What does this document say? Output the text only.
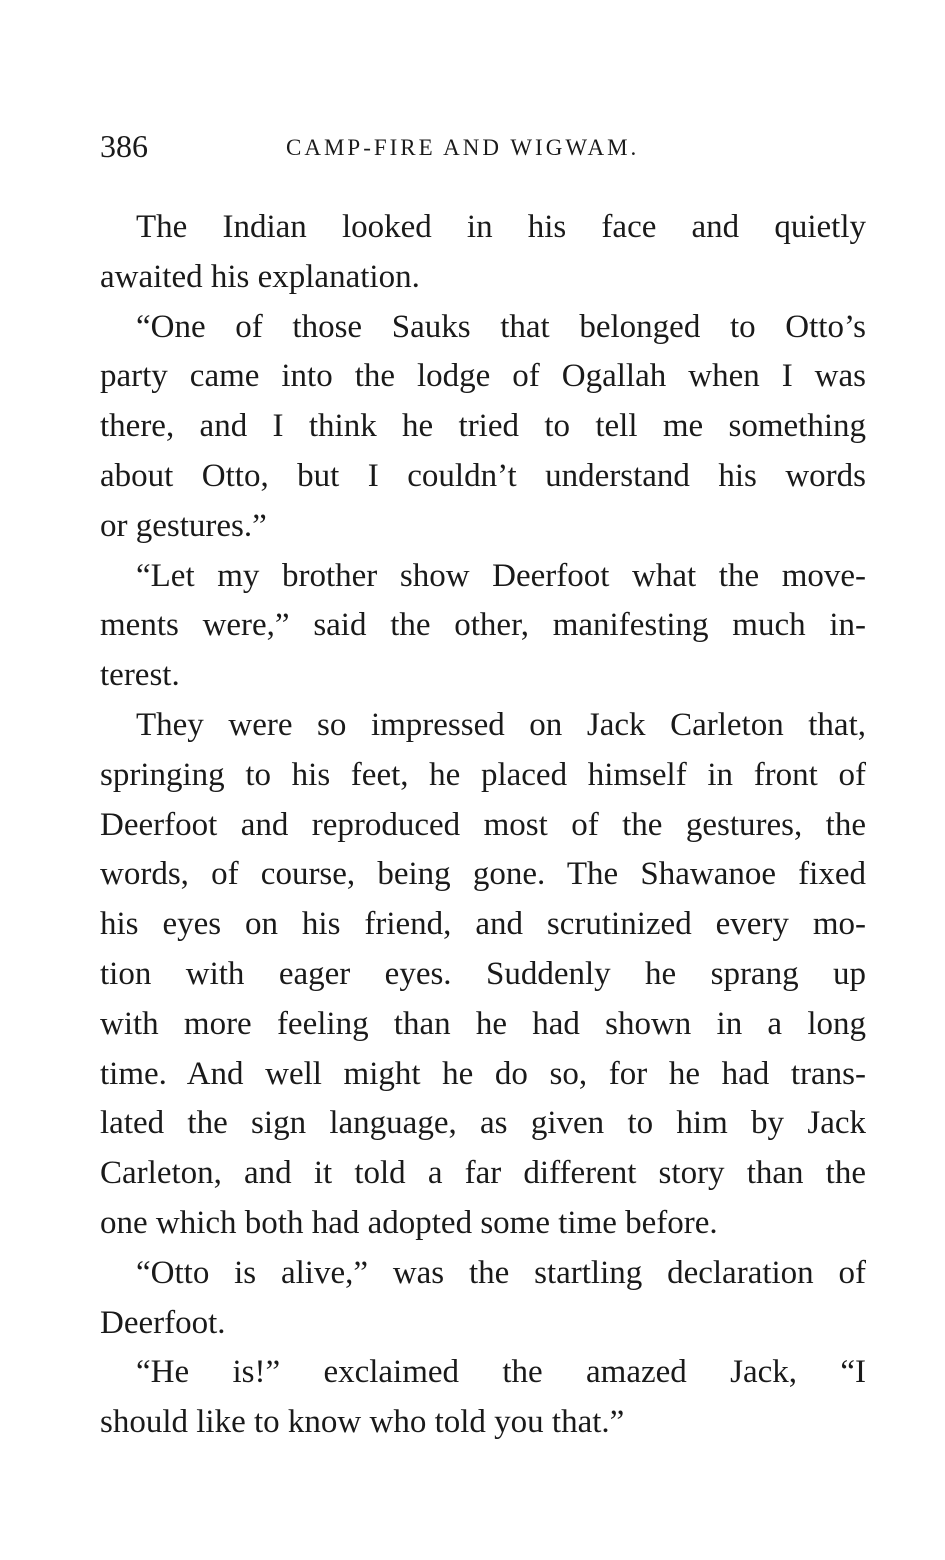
386	CAMP-FIRE AND WIGWAM.

The Indian looked in his face and quietly
awaited his explanation.

“One of those Sauks that belonged to Otto’s
party came into the lodge of Ogallah when I was
there, and I think he tried to tell me something
about Otto, but I couldn’t understand his words
or gestures.”

“Let my brother show Deerfoot what the move-
ments were,” said the other, manifesting much in-
terest.

They were so impressed on Jack Carleton that,
springing to his feet, he placed himself in front of
Deerfoot and reproduced most of the gestures, the
words, of course, being gone. The Shawanoe fixed
his eyes on his friend, and scrutinized every mo-
tion with eager eyes. Suddenly he sprang up
with more feeling than he had shown in a long
time. And well might he do so, for he had trans-
lated the sign language, as given to him by Jack
Carleton, and it told a far different story than the
one which both had adopted some time before.

“Otto is alive,” was the startling declaration of
Deerfoot.

“He is!” exclaimed the amazed Jack, “I
should like to know who told you that.”
